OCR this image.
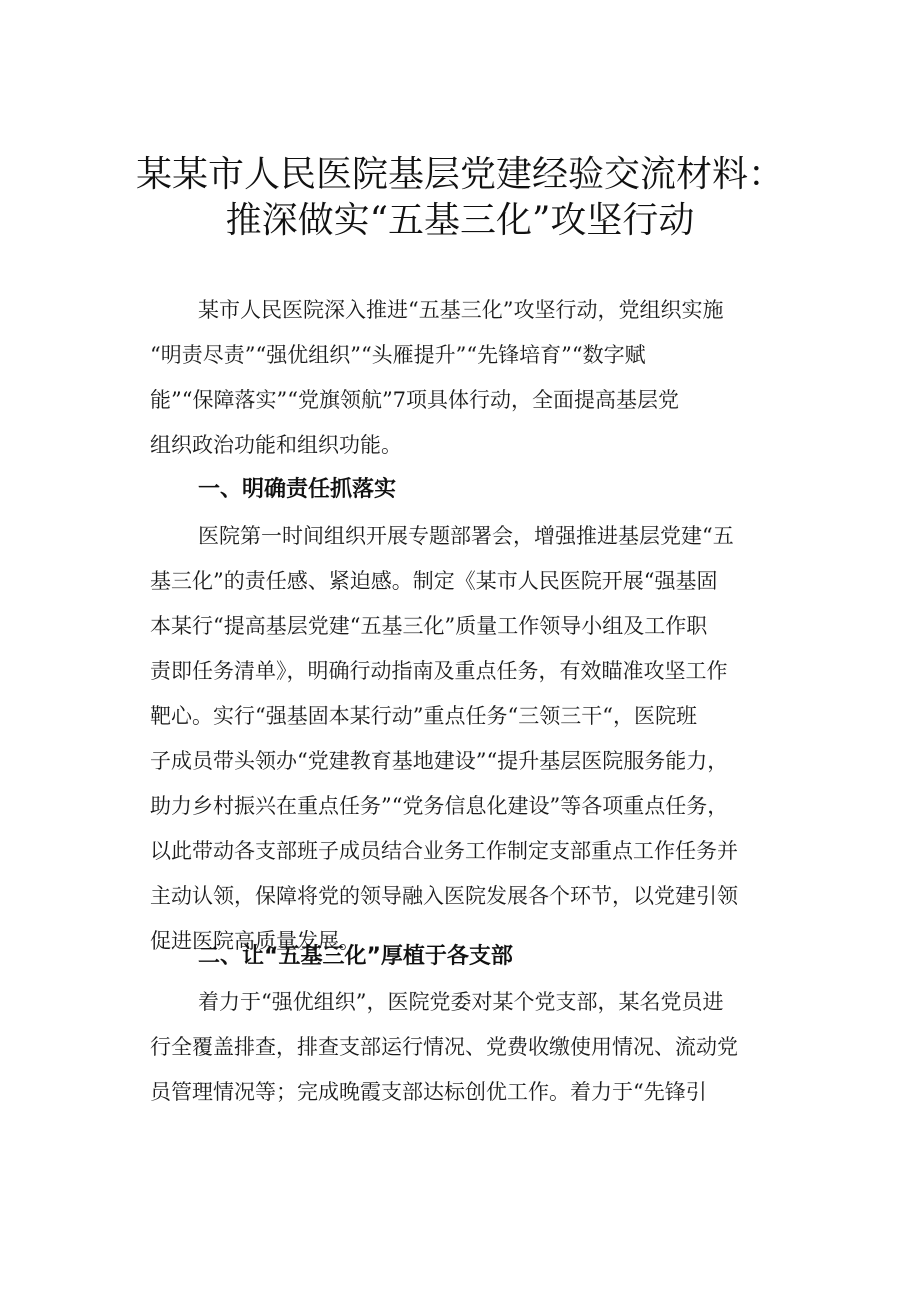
某某市人民医院基层党建经验交流材料：
推深做实“五基三化”攻坚行动
某市人民医院深入推进“五基三化”攻坚行动，党组织实施
“明责尽责”“强优组织”“头雁提升”“先锋培育”“数字赋
能”“保障落实”“党旗领航”7项具体行动，全面提高基层党
组织政治功能和组织功能。
一、明确责任抓落实
医院第一时间组织开展专题部署会，增强推进基层党建“五
基三化”的责任感、紧迫感。制定《某市人民医院开展“强基固
本某行“提高基层党建“五基三化”质量工作领导小组及工作职
责即任务清单》，明确行动指南及重点任务，有效瞄准攻坚工作
靶心。实行“强基固本某行动”重点任务“三领三干“，医院班
子成员带头领办“党建教育基地建设”“提升基层医院服务能力，
助力乡村振兴在重点任务”“党务信息化建设”等各项重点任务，
以此带动各支部班子成员结合业务工作制定支部重点工作任务并
主动认领，保障将党的领导融入医院发展各个环节，以党建引领
促进医院高质量发展。
二、让“五基三化”厚植于各支部
着力于“强优组织”，医院党委对某个党支部，某名党员进
行全覆盖排查，排查支部运行情况、党费收缴使用情况、流动党
员管理情况等；完成晚霞支部达标创优工作。着力于“先锋引
